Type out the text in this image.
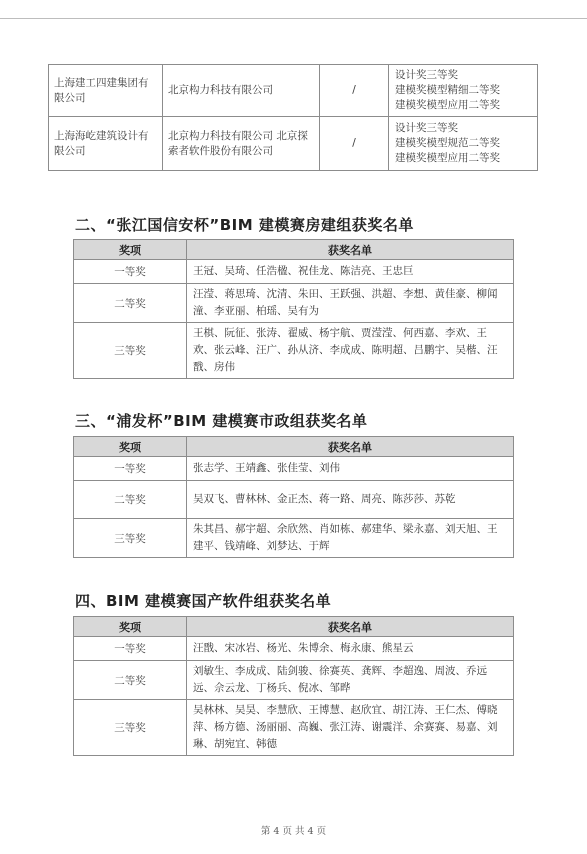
上海建工四建集团有限公司	北京构力科技有限公司	/	设计奖三等奖
建模奖模型精细二等奖
建模奖模型应用二等奖

上海海屹建筑设计有限公司	北京构力科技有限公司 北京探索者软件股份有限公司	/	设计奖三等奖
建模奖模型规范二等奖
建模奖模型应用二等奖
二、“张江国信安杯”BIM 建模赛房建组获奖名单
奖项	获奖名单
一等奖	王冠、吴琦、任浩楹、祝佳龙、陈洁亮、王忠巨
二等奖	汪滢、蒋思琦、沈清、朱田、王跃强、洪超、李想、黄佳豪、柳闻潼、李亚丽、柏瑶、吴有为
三等奖	王棋、阮征、张涛、翟威、杨宇航、贾滢滢、何西嘉、李欢、王欢、张云峰、汪广、孙从济、李成成、陈明超、吕鹏宇、吴楷、汪戬、房伟
三、“浦发杯”BIM 建模赛市政组获奖名单
奖项	获奖名单
一等奖	张志学、王靖鑫、张佳莹、刘伟
二等奖	吴双飞、曹林林、金正杰、蒋一路、周亮、陈莎莎、苏乾
三等奖	朱其昌、郝宇超、余欣然、肖如栋、郝建华、梁永嘉、刘天旭、王建平、钱靖峰、刘梦达、于辉
四、BIM 建模赛国产软件组获奖名单
奖项	获奖名单
一等奖	汪戬、宋冰岩、杨光、朱博余、梅永康、熊星云
二等奖	刘敏生、李成成、陆剑骏、徐赛英、龚辉、李超逸、周波、乔远远、佘云龙、丁杨兵、倪冰、邹晔
三等奖	吴林林、吴昊、李慧欣、王博慧、赵欣宜、胡江涛、王仁杰、傅晓萍、杨方德、汤丽丽、高巍、张江涛、谢震洋、余赛赛、易嘉、刘琳、胡宛宜、韩德
第 4 页 共 4 页
